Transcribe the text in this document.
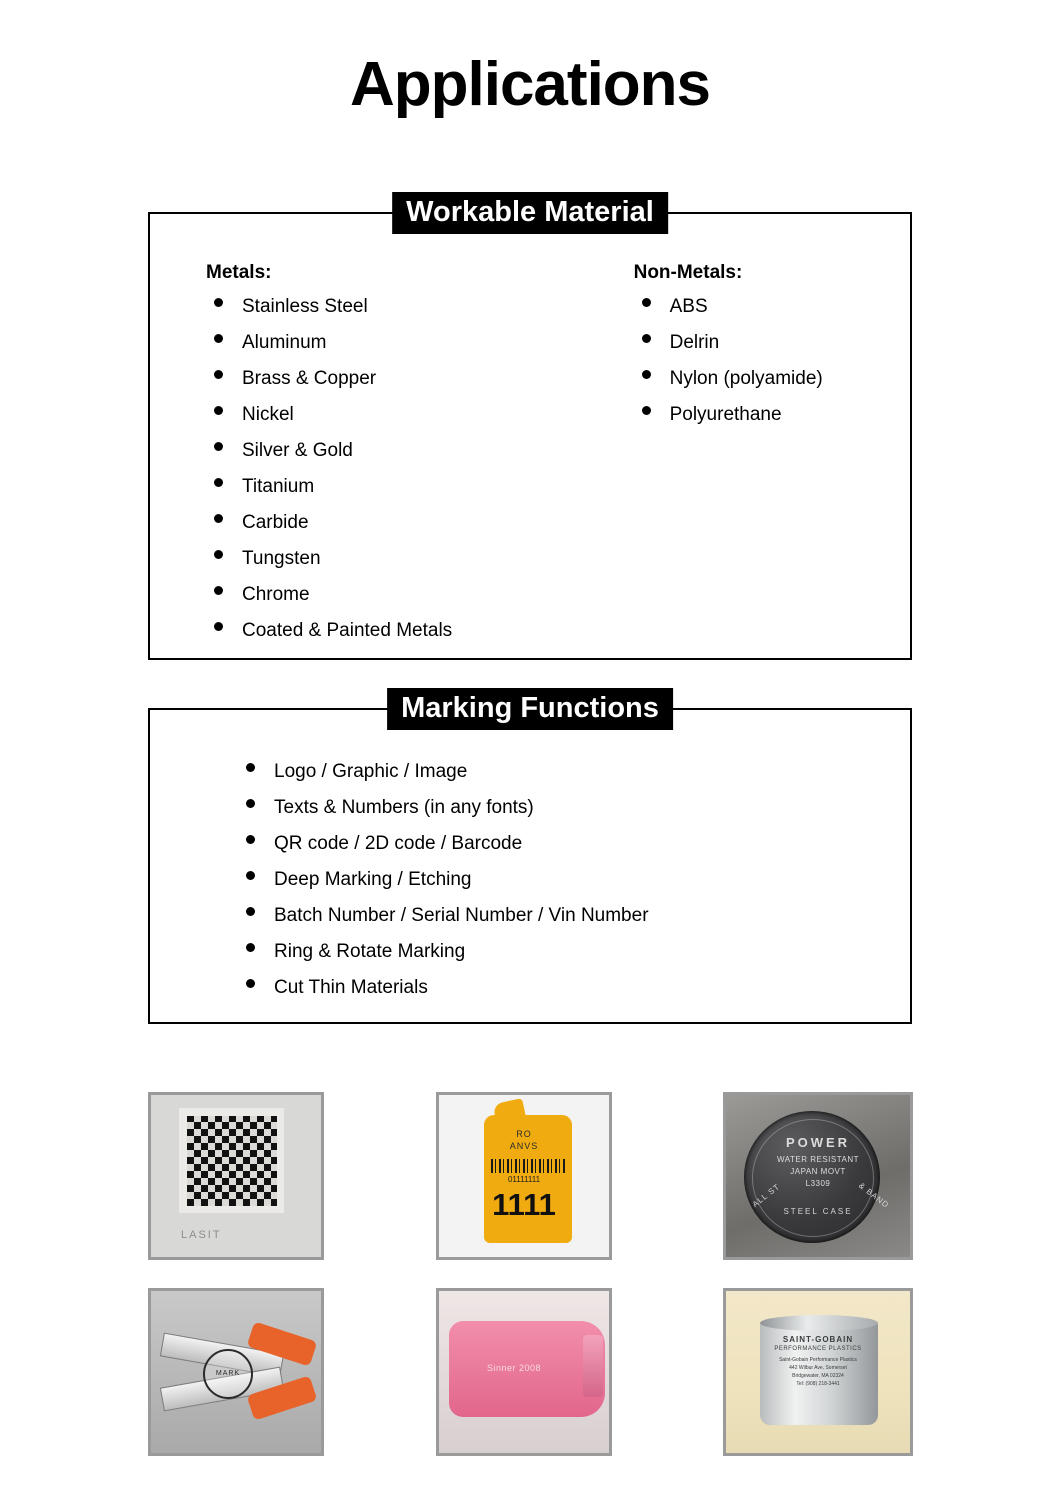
Applications
Workable Material
Metals:
Stainless Steel
Aluminum
Brass & Copper
Nickel
Silver & Gold
Titanium
Carbide
Tungsten
Chrome
Coated & Painted Metals
Non-Metals:
ABS
Delrin
Nylon (polyamide)
Polyurethane
Marking Functions
Logo / Graphic / Image
Texts & Numbers (in any fonts)
QR code / 2D code / Barcode
Deep Marking / Etching
Batch Number / Serial Number / Vin Number
Ring & Rotate Marking
Cut Thin Materials
LASIT
RO
ANVS
01111111
1111
POWER
WATER RESISTANT
JAPAN MOVT
L3309
ALL ST	& BAND
STEEL CASE
MARK
Sinner 2008
SAINT-GOBAIN
PERFORMANCE PLASTICS
Saint-Gobain Performance Plastics
442 Wilbur Ave, Somerset
Bridgewater, MA 02324
Tel: (908) 218-3441
